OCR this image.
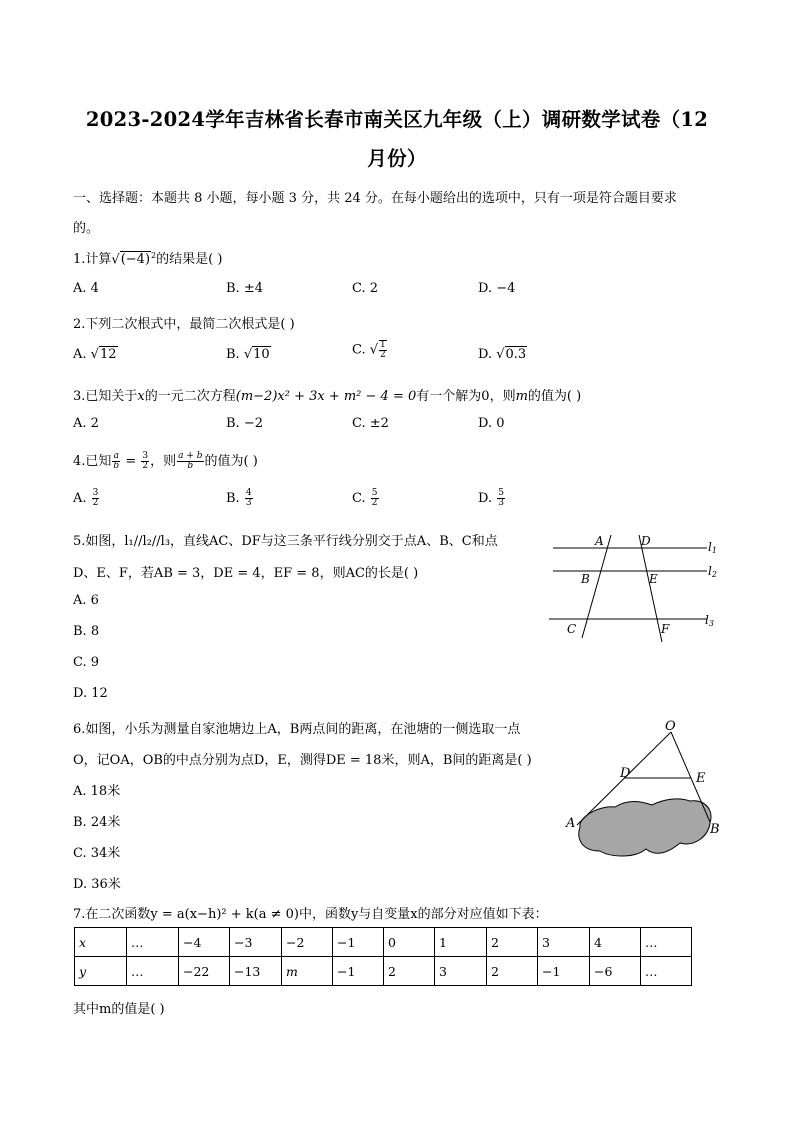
2023-2024学年吉林省长春市南关区九年级（上）调研数学试卷（12
月份）
一、选择题：本题共 8 小题，每小题 3 分，共 24 分。在每小题给出的选项中，只有一项是符合题目要求
的。
1.计算$√(-4)^2$的结果是( )
A. 4	B. ±4	C. 2	D. −4
2.下列二次根式中，最简二次根式是( )
A. √12	B. √10	C. √ $\frac{1}{2}$	D. √0.3
3.已知关于x的一元二次方程(m−2)x² + 3x + m² − 4 = 0有一个解为0，则m的值为( )
A. 2	B. −2	C. ±2	D. 0
4.已知 $\frac{a}{b} = \frac{3}{2}$ ，则 $\frac{a + b}{b}$ 的值为( )
A. $\frac{3}{2}$	B. $\frac{4}{3}$	C. $\frac{5}{2}$	D. $\frac{5}{3}$
5.如图，l₁//l₂//l₃，直线AC、DF与这三条平行线分别交于点A、B、C和点
D、E、F，若AB = 3，DE = 4，EF = 8，则AC的长是( )
A. 6
B. 8
C. 9
D. 12
A	D
B	E
C	F
l1
l2
l3
6.如图，小乐为测量自家池塘边上A，B两点间的距离，在池塘的一侧选取一点
O，记OA，OB的中点分别为点D，E，测得DE = 18米，则A，B间的距离是( )
A. 18米
B. 24米
C. 34米
D. 36米
O
D	E
A	B
7.在二次函数y = a(x−h)² + k(a ≠ 0)中，函数y与自变量x的部分对应值如下表：
x	…	−4	−3	−2	−1	0	1	2	3	4	…
y	…	−22	−13	m	−1	2	3	2	−1	−6	…
其中m的值是( )
